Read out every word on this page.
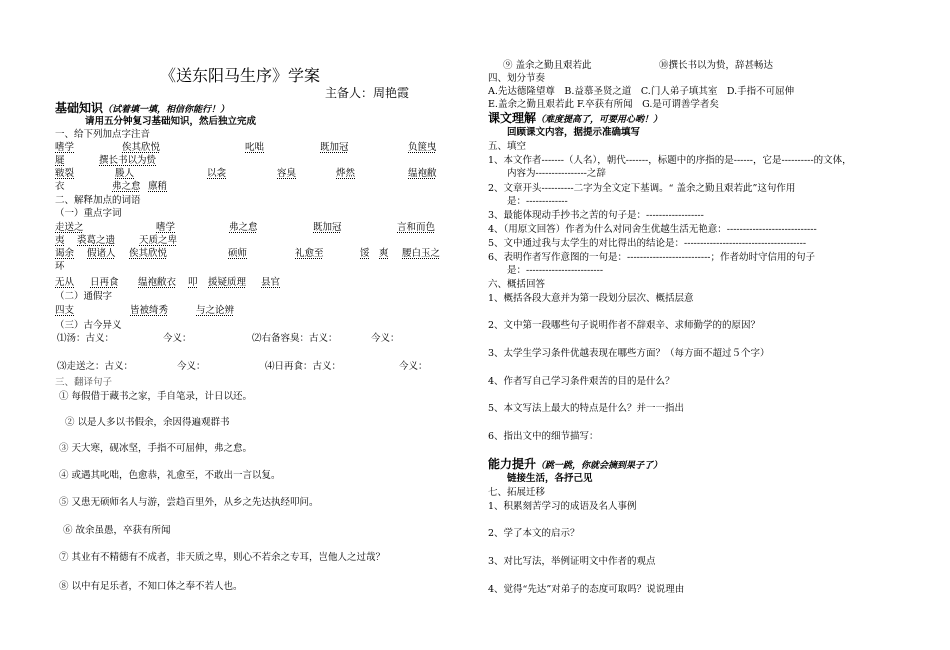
《送东阳马生序》学案
主备人：周艳霞
基础知识（试着填一填，相信你能行！）
请用五分钟复习基础知识，然后独立完成
一、给下列加点字注音
嗜学	俟其欣悦	叱咄	既加冠	负箧曳
屣	撰长书以为贽
皲裂	媵人	以衾	容臭	烨然	缊袍敝
衣	弗之怠 廪稍
二、解释加点的词语
（一）重点字词
走送之	嗜学	弗之怠	既加冠	言和而色
夷 裘葛之遗	天质之卑
谒余 假诸人 俟其欣悦	硕师	礼愈至	馁 爽 腰白玉之
环
无从 日再食 缊袍敝衣 叩 援疑质理 县官
（二）通假字
四支	皆被绮秀	与之论辨
（三）古今异义
⑴汤：古义：	今义：	⑵右备容臭：古义：	今义：
⑶走送之：古义：	今义：	⑷日再食：古义：	今义：
三、翻译句子
① 每假借于藏书之家，手自笔录，计日以还。
② 以是人多以书假余，余因得遍观群书
③ 天大寒，砚冰坚，手指不可屈伸，弗之怠。
④ 或遇其叱咄，色愈恭，礼愈至，不敢出一言以复。
⑤ 又患无硕师名人与游，尝趋百里外，从乡之先达执经叩问。
⑥ 故余虽愚，卒获有所闻
⑦ 其业有不精德有不成者，非天质之卑，则心不若余之专耳，岂他人之过哉？
⑧ 以中有足乐者，不知口体之奉不若人也。
⑨ 盖余之勤且艰若此	⑩撰长书以为贽，辞甚畅达
四、划分节奏
A.先达德隆望尊　B.益慕圣贤之道　C.门人弟子填其室　D.手指不可屈伸
E.盖余之勤且艰若此 F.卒获有所闻　G.是可谓善学者矣
课文理解（难度提高了，可要用心哟！）
回顾课文内容，据提示准确填写
五、填空
1、本文作者-------（人名），朝代-------，标题中的序指的是------，它是----------的文体，
　　内容为----------------之辞
2、文章开头----------二字为全文定下基调。“ 盖余之勤且艰若此”这句作用
　　是：-------------
3、最能体现动手抄书之苦的句子是：------------------
4、（用原文回答）作者为什么对同舍生优越生活无艳意：----------------------------
5、文中通过我与太学生的对比得出的结论是：--------------------------------------
6、表明作者写作意图的一句是：--------------------------；作者幼时守信用的句子
　　是：------------------------
六、概括回答
1、概括各段大意并为第一段划分层次、概括层意
2、文中第一段哪些句子说明作者不辞艰辛、求师勤学的的原因？
3、太学生学习条件优越表现在哪些方面？（每方面不超过５个字）
4、作者写自己学习条件艰苦的目的是什么？
5、本文写法上最大的特点是什么？并一一指出
6、指出文中的细节描写：
能力提升（跳一跳，你就会摘到果子了）
链接生活，各抒己见
七、拓展迁移
1、积累刻苦学习的成语及名人事例
2、学了本文的启示？
3、对比写法，举例证明文中作者的观点
4、觉得“先达”对弟子的态度可取吗？说说理由
